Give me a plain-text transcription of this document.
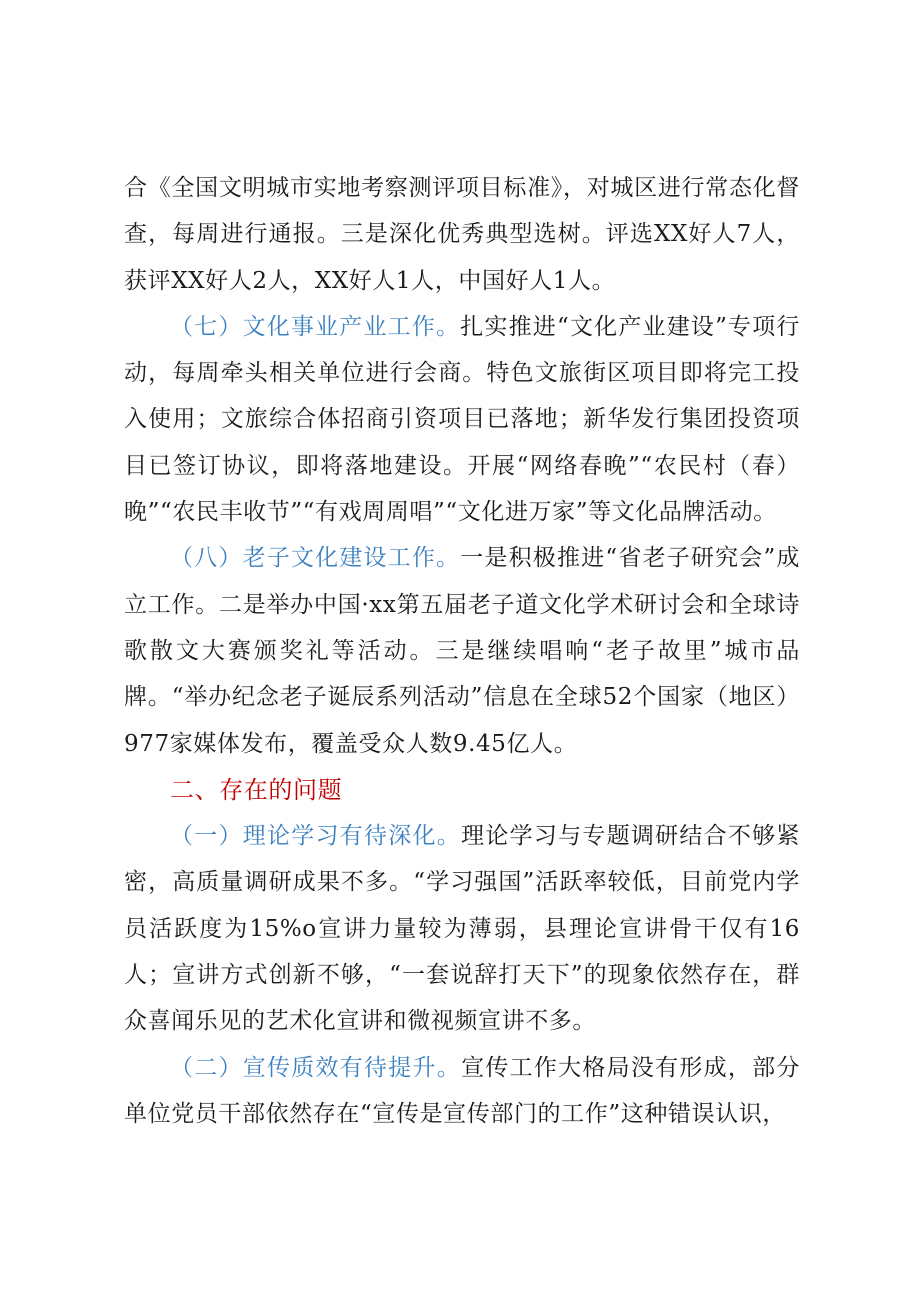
合《全国文明城市实地考察测评项目标准》，对城区进行常态化督查，每周进行通报。三是深化优秀典型选树。评选XX好人7人，获评XX好人2人，XX好人1人，中国好人1人。

（七）文化事业产业工作。扎实推进“文化产业建设”专项行动，每周牵头相关单位进行会商。特色文旅街区项目即将完工投入使用；文旅综合体招商引资项目已落地；新华发行集团投资项目已签订协议，即将落地建设。开展“网络春晚”“农民村（春）晚”“农民丰收节”“有戏周周唱”“文化进万家”等文化品牌活动。

（八）老子文化建设工作。一是积极推进“省老子研究会”成立工作。二是举办中国·xx第五届老子道文化学术研讨会和全球诗歌散文大赛颁奖礼等活动。三是继续唱响“老子故里”城市品牌。“举办纪念老子诞辰系列活动”信息在全球52个国家（地区）977家媒体发布，覆盖受众人数9.45亿人。

二、存在的问题

（一）理论学习有待深化。理论学习与专题调研结合不够紧密，高质量调研成果不多。“学习强国”活跃率较低，目前党内学员活跃度为15%o宣讲力量较为薄弱，县理论宣讲骨干仅有16人；宣讲方式创新不够，“一套说辞打天下”的现象依然存在，群众喜闻乐见的艺术化宣讲和微视频宣讲不多。

（二）宣传质效有待提升。宣传工作大格局没有形成，部分单位党员干部依然存在“宣传是宣传部门的工作”这种错误认识，
